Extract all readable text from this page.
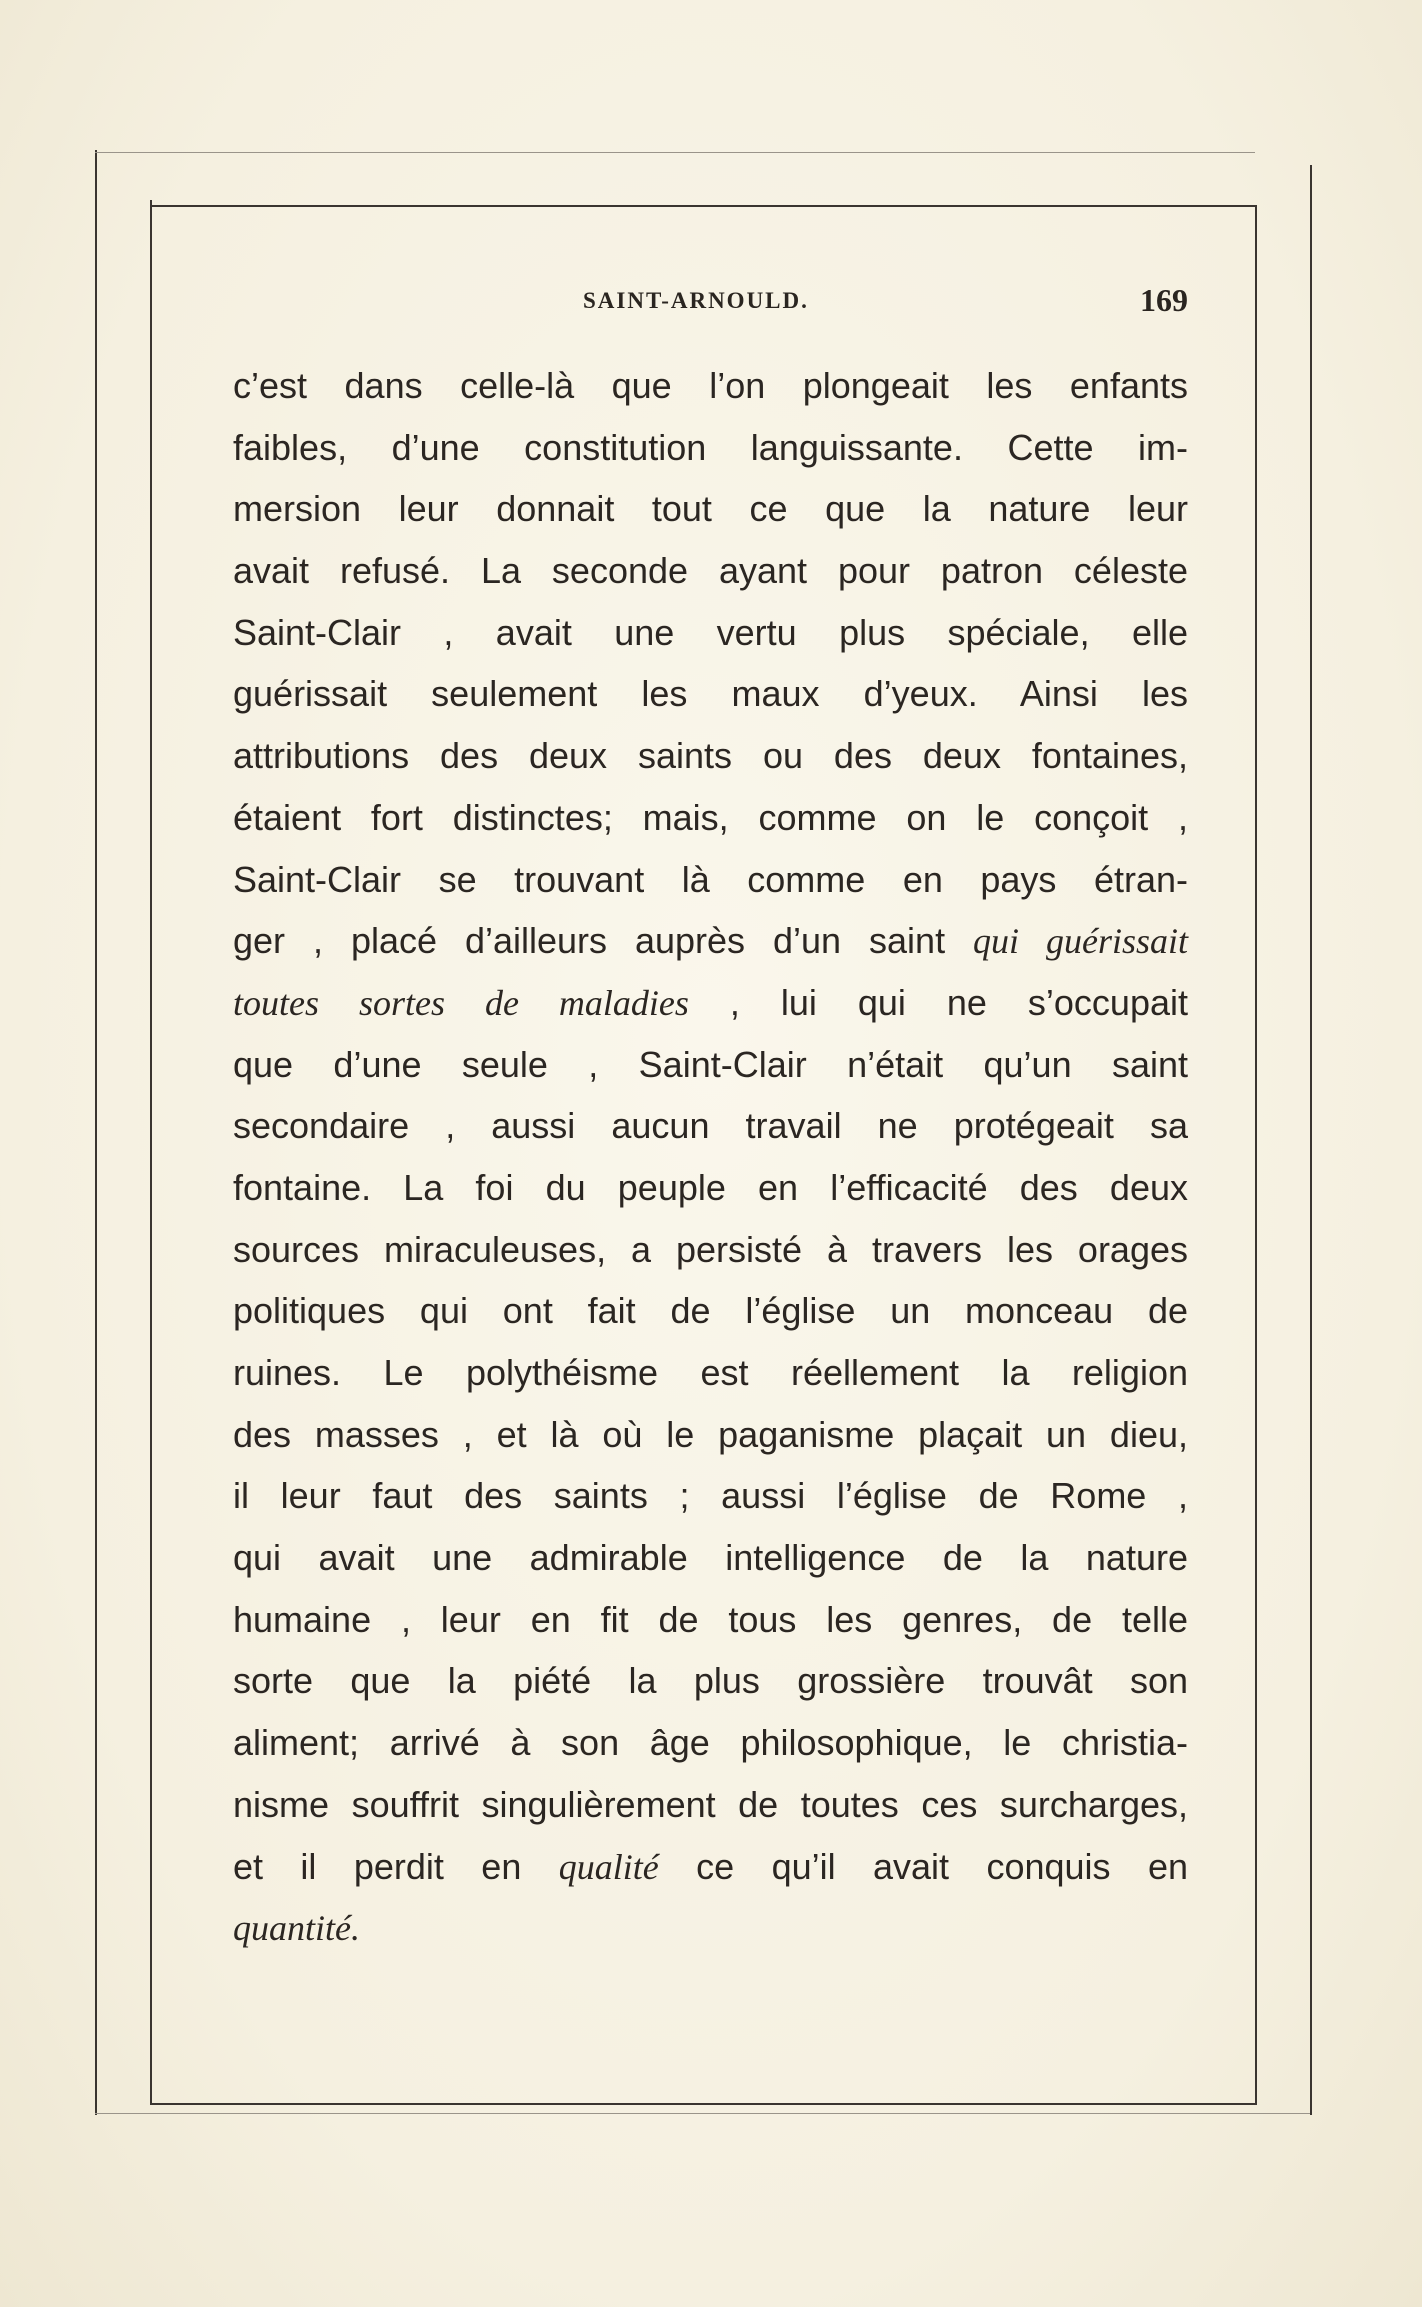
SAINT-ARNOULD.	169
c’est dans celle-là que l’on plongeait les enfants
faibles, d’une constitution languissante. Cette im-
mersion leur donnait tout ce que la nature leur
avait refusé. La seconde ayant pour patron céleste
Saint-Clair , avait une vertu plus spéciale, elle
guérissait seulement les maux d’yeux. Ainsi les
attributions des deux saints ou des deux fontaines,
étaient fort distinctes; mais, comme on le conçoit ,
Saint-Clair se trouvant là comme en pays étran-
ger , placé d’ailleurs auprès d’un saint qui guérissait
toutes sortes de maladies , lui qui ne s’occupait
que d’une seule , Saint-Clair n’était qu’un saint
secondaire , aussi aucun travail ne protégeait sa
fontaine. La foi du peuple en l’efficacité des deux
sources miraculeuses, a persisté à travers les orages
politiques qui ont fait de l’église un monceau de
ruines. Le polythéisme est réellement la religion
des masses , et là où le paganisme plaçait un dieu,
il leur faut des saints ; aussi l’église de Rome ,
qui avait une admirable intelligence de la nature
humaine , leur en fit de tous les genres, de telle
sorte que la piété la plus grossière trouvât son
aliment; arrivé à son âge philosophique, le christia-
nisme souffrit singulièrement de toutes ces surcharges,
et il perdit en qualité ce qu’il avait conquis en
quantité.
